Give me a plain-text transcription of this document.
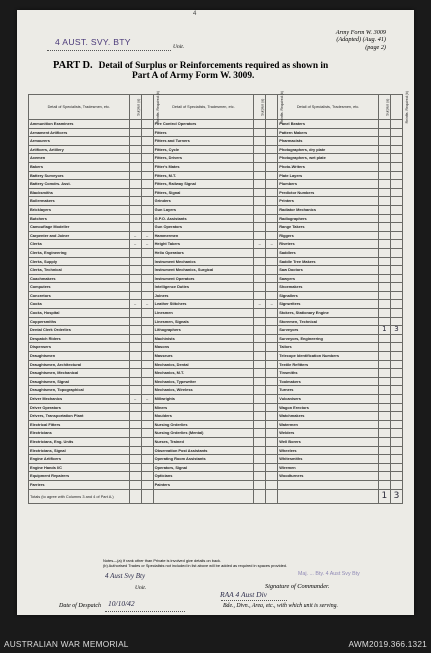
4
4 AUST. SVY. BTY	Unit.
Army Form W. 3009
(Adapted) (Aug. 41)
(page 2)
PART D. Detail of Surplus or Reinforcements required as shown in
Part A of Army Form W. 3009.
Detail of Specialists, Tradesmen, etc.	Surplus (a)	Reinfts. Required (b)	Detail of Specialists, Tradesmen, etc.	Surplus (a)	Reinfts. Required (b)	Detail of Specialists, Tradesmen, etc.	Surplus (a)	Reinfts. Required (b)
Ammunition Examiners			Fire Control Operators			Panel Beaters		
Armament Artificers			Fitters			Pattern Makers		
Armourers			Fitters and Turners			Pharmacists		
Artificers, Artillery			Fitters, Cycle			Photographers, dry plate		
Axemen			Fitters, Drivers			Photographers, wet plate		
Bakers			Fitter's Mates			Photo-Writers		
Battery Surveyors			Fitters, M.T.			Plate Layers		
Battery Comdrs. Asst.			Fitters, Railway Signal			Plumbers		
Blacksmiths			Fitters, Signal			Predictor Numbers		
Boilermakers			Grinders			Printers		
Bricklayers			Gun Layers			Radiator Mechanics		
Butchers			G.P.O. Assistants			Radiographers		
Camouflage Modeller			Gun Operators			Range Takers		
Carpenter and Joiner	–	–	Hammermen			Riggers		
Clerks	–	–	Height Takers	–	–	Riveters		
Clerks, Engineering			Helio Operators			Saddlers		
Clerks, Supply			Instrument Mechanics			Saddle Tree Makers		
Clerks, Technical			Instrument Mechanics, Surgical			Saw Doctors		
Coachmakers			Instrument Operators			Sawyers		
Computers			Intelligence Duties			Shoemakers		
Concretors			Joiners			Signallers		
Cooks	–	–	Leather Stitchers	–	–	Signwriters		
Cooks, Hospital			Linesmen			Stokers, Stationary Engine		
Coppersmiths			Linesmen, Signals			Storemen, Technical		
Dental Clerk Orderlies			Lithographers			Surveyors	1	3
Despatch Riders			Machinists			Surveyors, Engineering		
Dispensers			Masons			Tailors		
Draughtsmen			Masseurs			Telecope Identification Numbers		
Draughtsmen, Architectural			Mechanics, Dental			Textile Refitters		
Draughtsmen, Mechanical			Mechanics, M.T.			Tinsmiths		
Draughtsmen, Signal			Mechanics, Typewriter			Toolmakers		
Draughtsmen, Topographical			Mechanics, Wireless			Turners		
Driver Mechanics	–	–	Millwrights			Vulcanisers		
Driver Operators			Miners			Wagon Erectors		
Drivers, Transportation Plant			Moulders			Watchmakers		
Electrical Fitters			Nursing Orderlies			Watermen		
Electricians			Nursing Orderlies (Mental)			Welders		
Electricians, Eng. Units			Nurses, Trained			Well Borers		
Electricians, Signal			Observation Post Assistants			Wheelers		
Engine Artificers			Operating Room Assistants			Whitesmiths		
Engine Hands I/C			Operators, Signal			Wiremen		
Equipment Repairers			Opticians			Woodturners		
Farriers			Painters					
Totals (to agree with Columns 3 and 4 of Part A.)							1	3
Notes—(a) If rank other than Private is involved give details on back.
(b) Authorised Trades or Specialists not included in list above will be added as required in spaces provided.
4 Aust Svy Bty
Unit.
Maj. ... Bty. 4 Aust Svy Bty
Signature of Commander.
RAA 4 Aust Div
Date of Despatch 10/10/42	Bde., Divn., Area, etc., with which unit is serving.
AUSTRALIAN WAR MEMORIAL	AWM2019.366.1321
